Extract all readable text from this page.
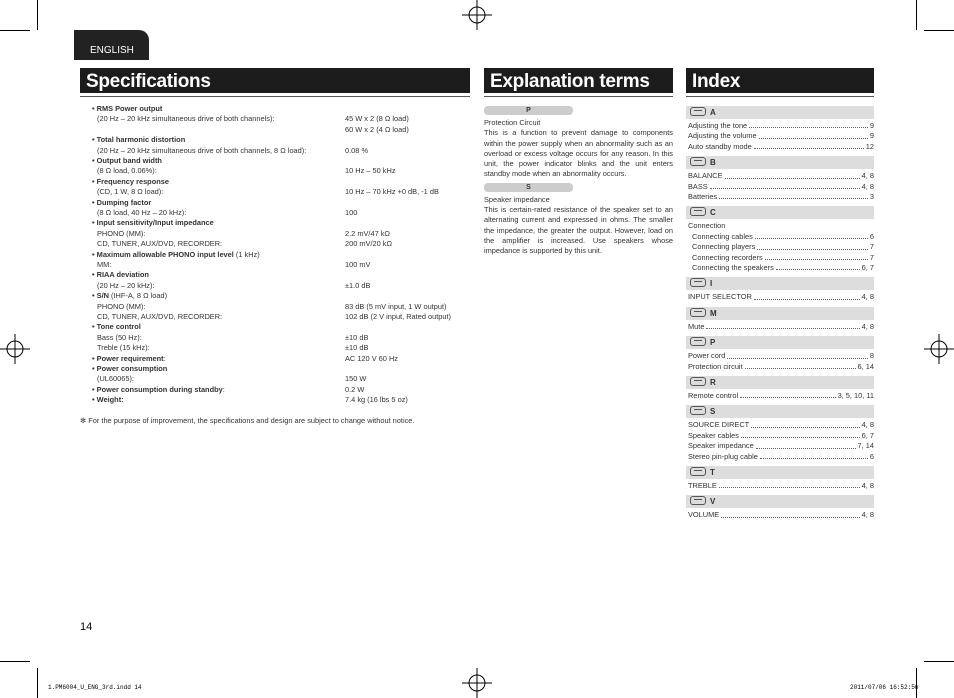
ENGLISH
Specifications	Explanation terms	Index
• RMS Power output
(20 Hz – 20 kHz simultaneous drive of both channels):	45 W x 2 (8 Ω load)
60 W x 2 (4 Ω load)
• Total harmonic distortion
(20 Hz – 20 kHz simultaneous drive of both channels, 8 Ω load):	0.08 %
• Output band width
(8 Ω load, 0.06%):	10 Hz – 50 kHz
• Frequency response
(CD, 1 W, 8 Ω load):	10 Hz – 70 kHz +0 dB, -1 dB
• Dumping factor
(8 Ω load, 40 Hz – 20 kHz):	100
• Input sensitivity/Input impedance
PHONO (MM):	2.2 mV/47 kΩ
CD, TUNER, AUX/DVD, RECORDER:	200 mV/20 kΩ
• Maximum allowable PHONO input level (1 kHz)
MM:	100 mV
• RIAA deviation
(20 Hz – 20 kHz):	±1.0 dB
• S/N (IHF-A, 8 Ω load)
PHONO (MM):	83 dB (5 mV input, 1 W output)
CD, TUNER, AUX/DVD, RECORDER:	102 dB (2 V input, Rated output)
• Tone control
Bass (50 Hz):	±10 dB
Treble (15 kHz):	±10 dB
• Power requirement:	AC 120 V 60 Hz
• Power consumption
(UL60065):	150 W
• Power consumption during standby:	0.2 W
• Weight:	7.4 kg (16 lbs 5 oz)
✻ For the purpose of improvement, the specifications and design are subject to change without notice.
P
Protection Circuit
This is a function to prevent damage to components within the power supply when an abnormality such as an overload or excess voltage occurs for any reason. In this unit, the power indicator blinks and the unit enters standby mode when an abnormality occurs.
S
Speaker impedance
This is certain-rated resistance of the speaker set to an alternating current and expressed in ohms. The smaller the impedance, the greater the output. However, load on the amplifier is increased. Use speakers whose impedance is supported by this unit.
A
Adjusting the tone	9
Adjusting the volume	9
Auto standby mode	12
B
BALANCE	4, 8
BASS	4, 8
Batteries	3
C
Connection
Connecting cables	6
Connecting players	7
Connecting recorders	7
Connecting the speakers	6, 7
I
INPUT SELECTOR	4, 8
M
Mute	4, 8
P
Power cord	8
Protection circuit	6, 14
R
Remote control	3, 5, 10, 11
S
SOURCE DIRECT	4, 8
Speaker cables	6, 7
Speaker impedance	7, 14
Stereo pin-plug cable	6
T
TREBLE	4, 8
V
VOLUME	4, 8
14
1.PM6004_U_ENG_3rd.indd 14	2011/07/06 16:52:56
